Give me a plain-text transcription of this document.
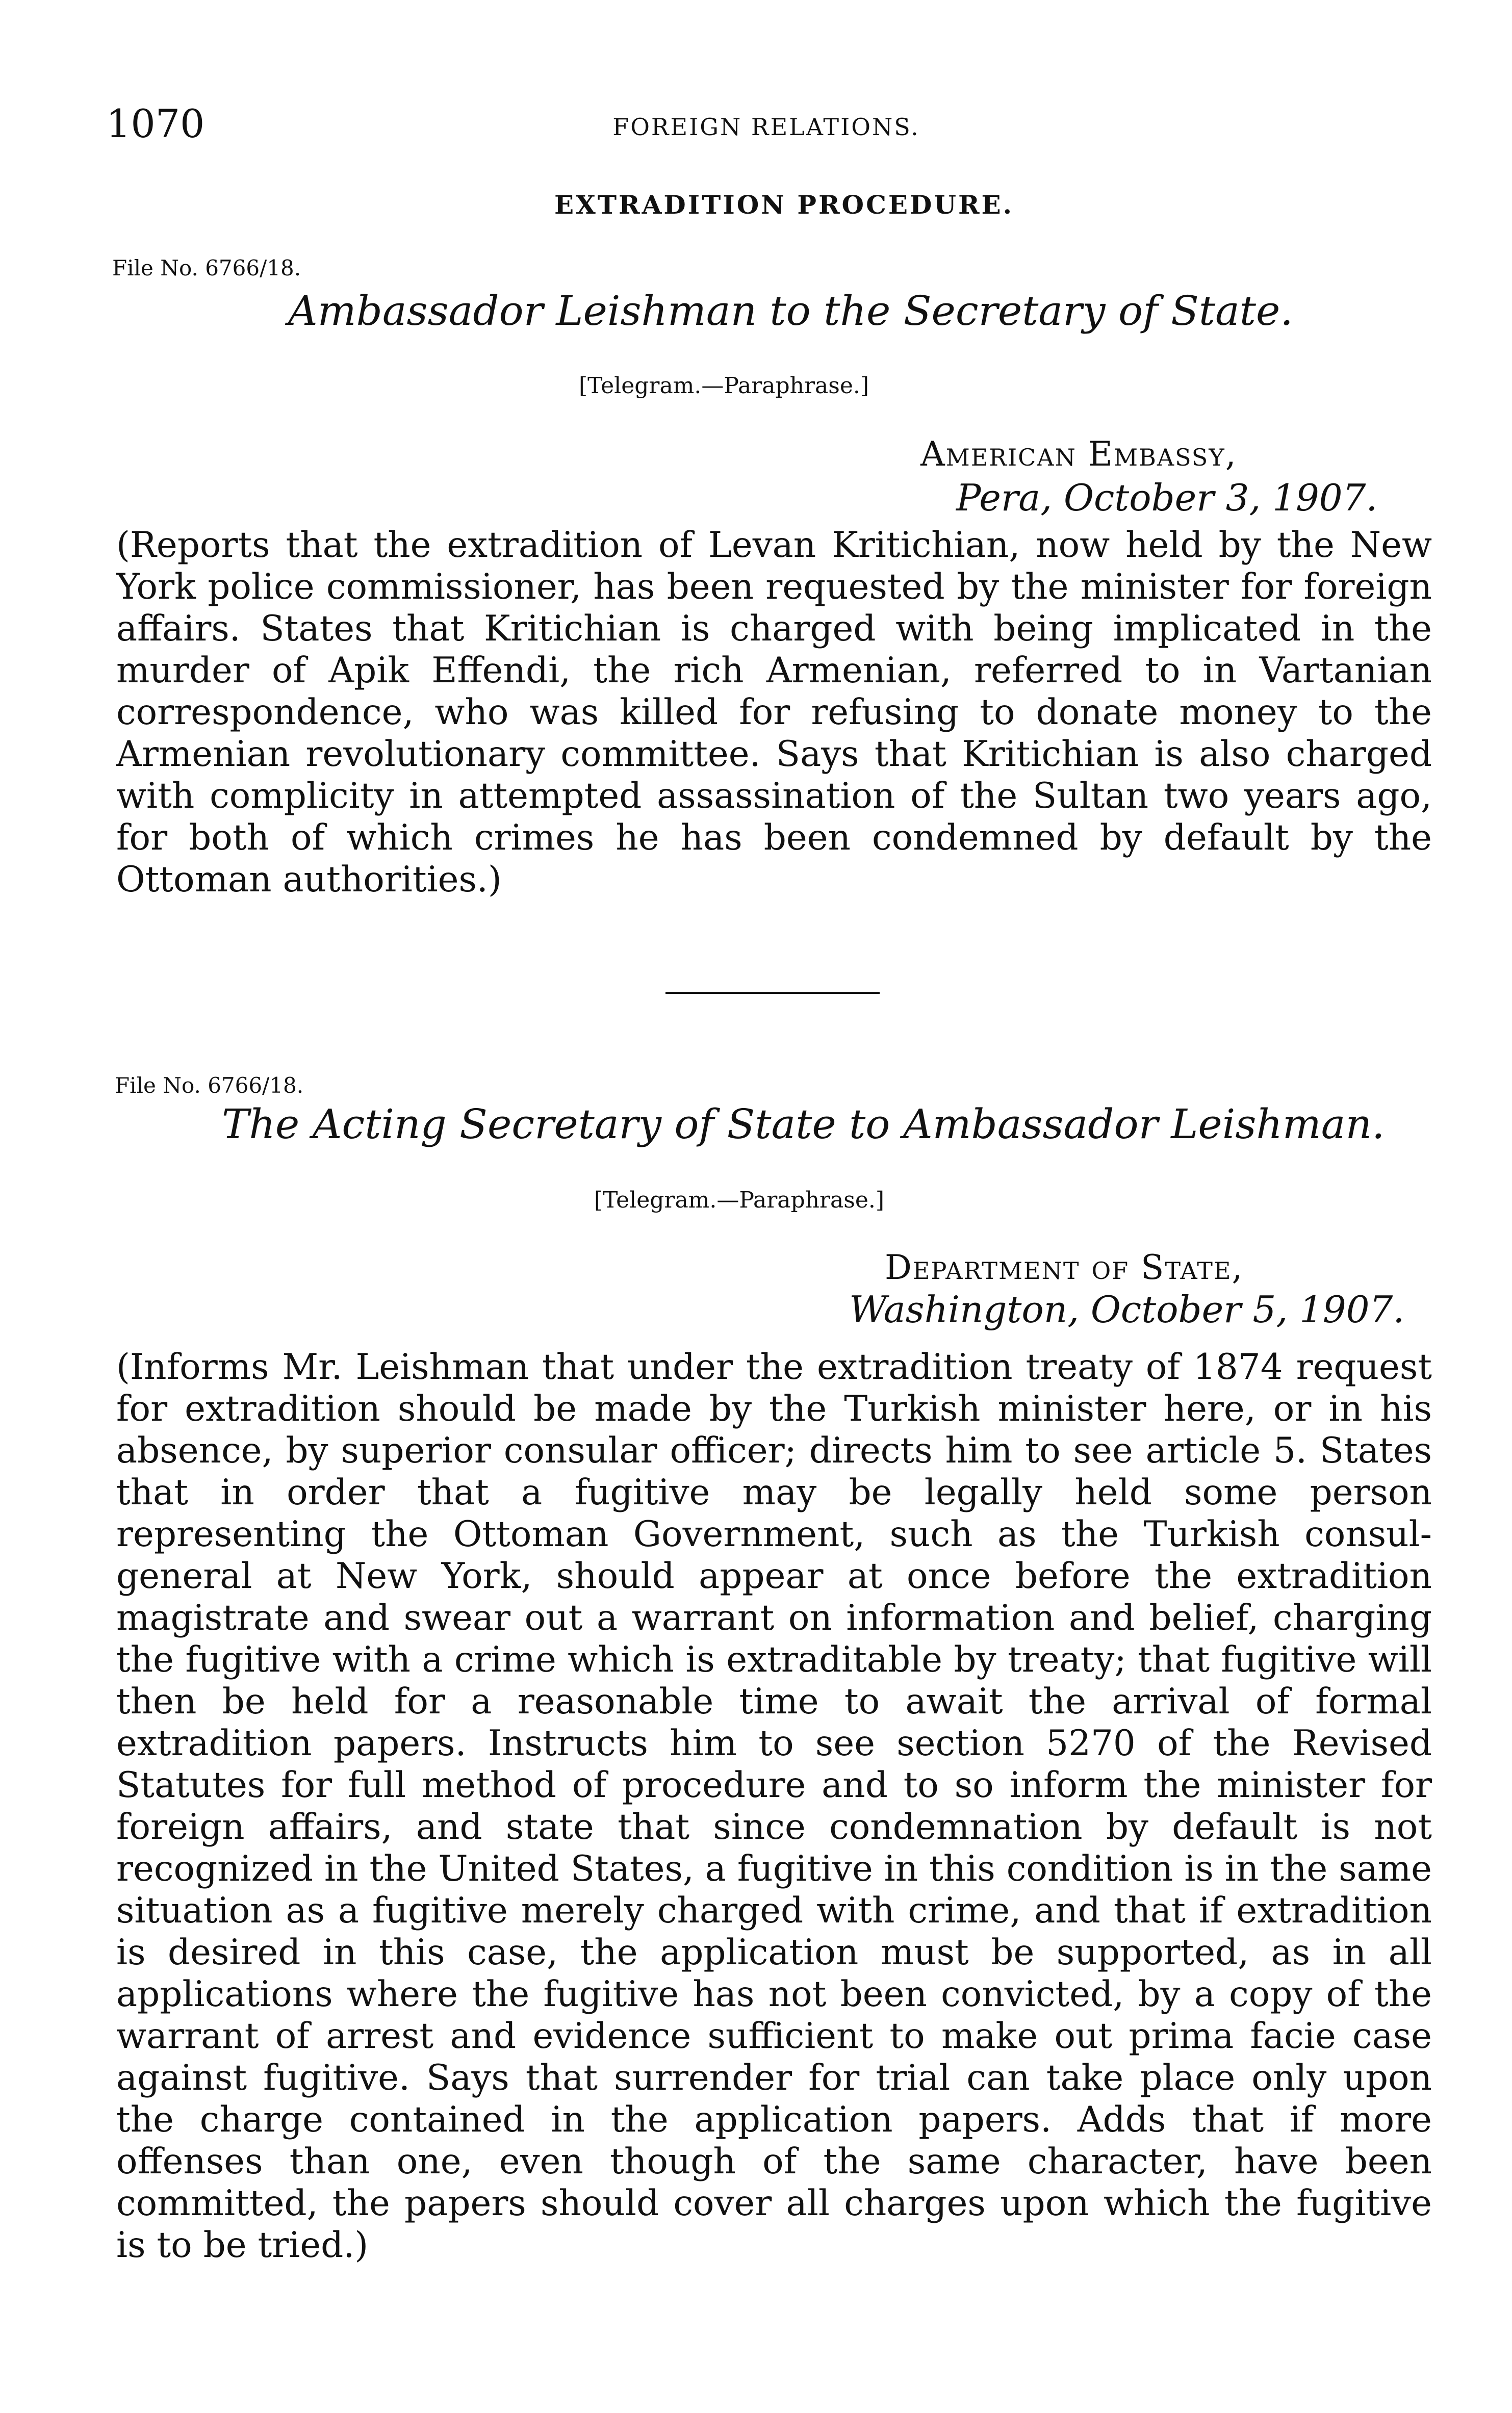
1070	FOREIGN RELATIONS.
EXTRADITION PROCEDURE.
File No. 6766/18.
Ambassador Leishman to the Secretary of State.
[Telegram.—Paraphrase.]
American Embassy,
Pera, October 3, 1907.
(Reports that the extradition of Levan Kritichian, now held by the New York police commissioner, has been requested by the minister for foreign affairs. States that Kritichian is charged with being implicated in the murder of Apik Effendi, the rich Armenian, referred to in Vartanian correspondence, who was killed for refusing to donate money to the Armenian revolutionary committee. Says that Kritichian is also charged with complicity in attempted assassination of the Sultan two years ago, for both of which crimes he has been condemned by default by the Ottoman authorities.)
File No. 6766/18.
The Acting Secretary of State to Ambassador Leishman.
[Telegram.—Paraphrase.]
Department of State,
Washington, October 5, 1907.
(Informs Mr. Leishman that under the extradition treaty of 1874 request for extradition should be made by the Turkish minister here, or in his absence, by superior consular officer; directs him to see article 5. States that in order that a fugitive may be legally held some person representing the Ottoman Government, such as the Turkish consul-general at New York, should appear at once before the extradition magistrate and swear out a warrant on information and belief, charging the fugitive with a crime which is extraditable by treaty; that fugitive will then be held for a reasonable time to await the arrival of formal extradition papers. Instructs him to see section 5270 of the Revised Statutes for full method of procedure and to so inform the minister for foreign affairs, and state that since condemnation by default is not recognized in the United States, a fugitive in this condition is in the same situation as a fugitive merely charged with crime, and that if extradition is desired in this case, the application must be supported, as in all applications where the fugitive has not been convicted, by a copy of the warrant of arrest and evidence sufficient to make out prima facie case against fugitive. Says that surrender for trial can take place only upon the charge contained in the application papers. Adds that if more offenses than one, even though of the same character, have been committed, the papers should cover all charges upon which the fugitive is to be tried.)
